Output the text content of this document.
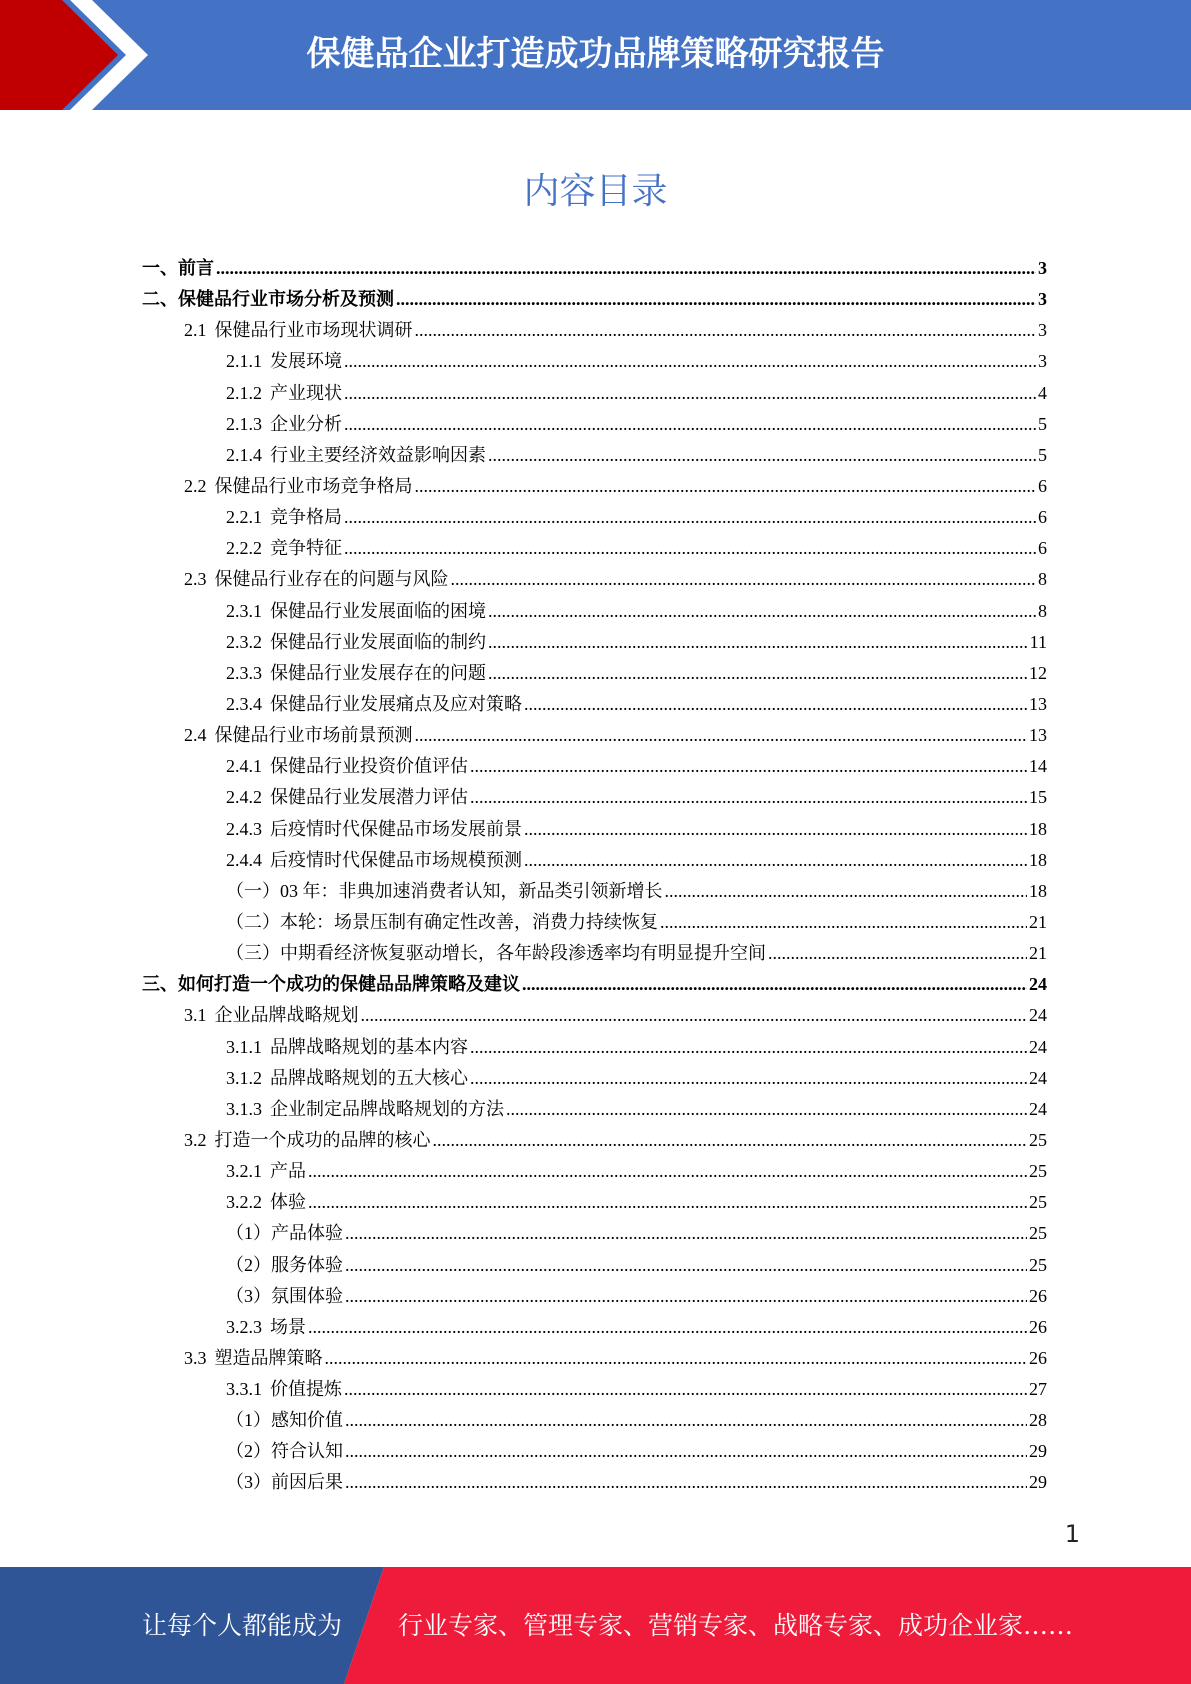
保健品企业打造成功品牌策略研究报告
内容目录
一、前言 .....	3
二、保健品行业市场分析及预测 .....	3
2.1 保健品行业市场现状调研 .....	3
2.1.1 发展环境 .....	3
2.1.2 产业现状 .....	4
2.1.3 企业分析 .....	5
2.1.4 行业主要经济效益影响因素 .....	5
2.2 保健品行业市场竞争格局 .....	6
2.2.1 竞争格局 .....	6
2.2.2 竞争特征 .....	6
2.3 保健品行业存在的问题与风险 .....	8
2.3.1 保健品行业发展面临的困境 .....	8
2.3.2 保健品行业发展面临的制约 .....	11
2.3.3 保健品行业发展存在的问题 .....	12
2.3.4 保健品行业发展痛点及应对策略 .....	13
2.4 保健品行业市场前景预测 .....	13
2.4.1 保健品行业投资价值评估 .....	14
2.4.2 保健品行业发展潜力评估 .....	15
2.4.3 后疫情时代保健品市场发展前景 .....	18
2.4.4 后疫情时代保健品市场规模预测 .....	18
（一） 03 年：非典加速消费者认知，新品类引领新增长 .....	18
（二） 本轮：场景压制有确定性改善，消费力持续恢复 .....	21
（三） 中期看经济恢复驱动增长，各年龄段渗透率均有明显提升空间 .....	21
三、如何打造一个成功的保健品品牌策略及建议 .....	24
3.1 企业品牌战略规划 .....	24
3.1.1 品牌战略规划的基本内容 .....	24
3.1.2 品牌战略规划的五大核心 .....	24
3.1.3 企业制定品牌战略规划的方法 .....	24
3.2 打造一个成功的品牌的核心 .....	25
3.2.1 产品 .....	25
3.2.2 体验 .....	25
（1） 产品体验 .....	25
（2） 服务体验 .....	25
（3） 氛围体验 .....	26
3.2.3 场景 .....	26
3.3 塑造品牌策略 .....	26
3.3.1 价值提炼 .....	27
（1） 感知价值 .....	28
（2） 符合认知 .....	29
（3） 前因后果 .....	29
1
让每个人都能成为 行业专家、管理专家、营销专家、战略专家、成功企业家……
